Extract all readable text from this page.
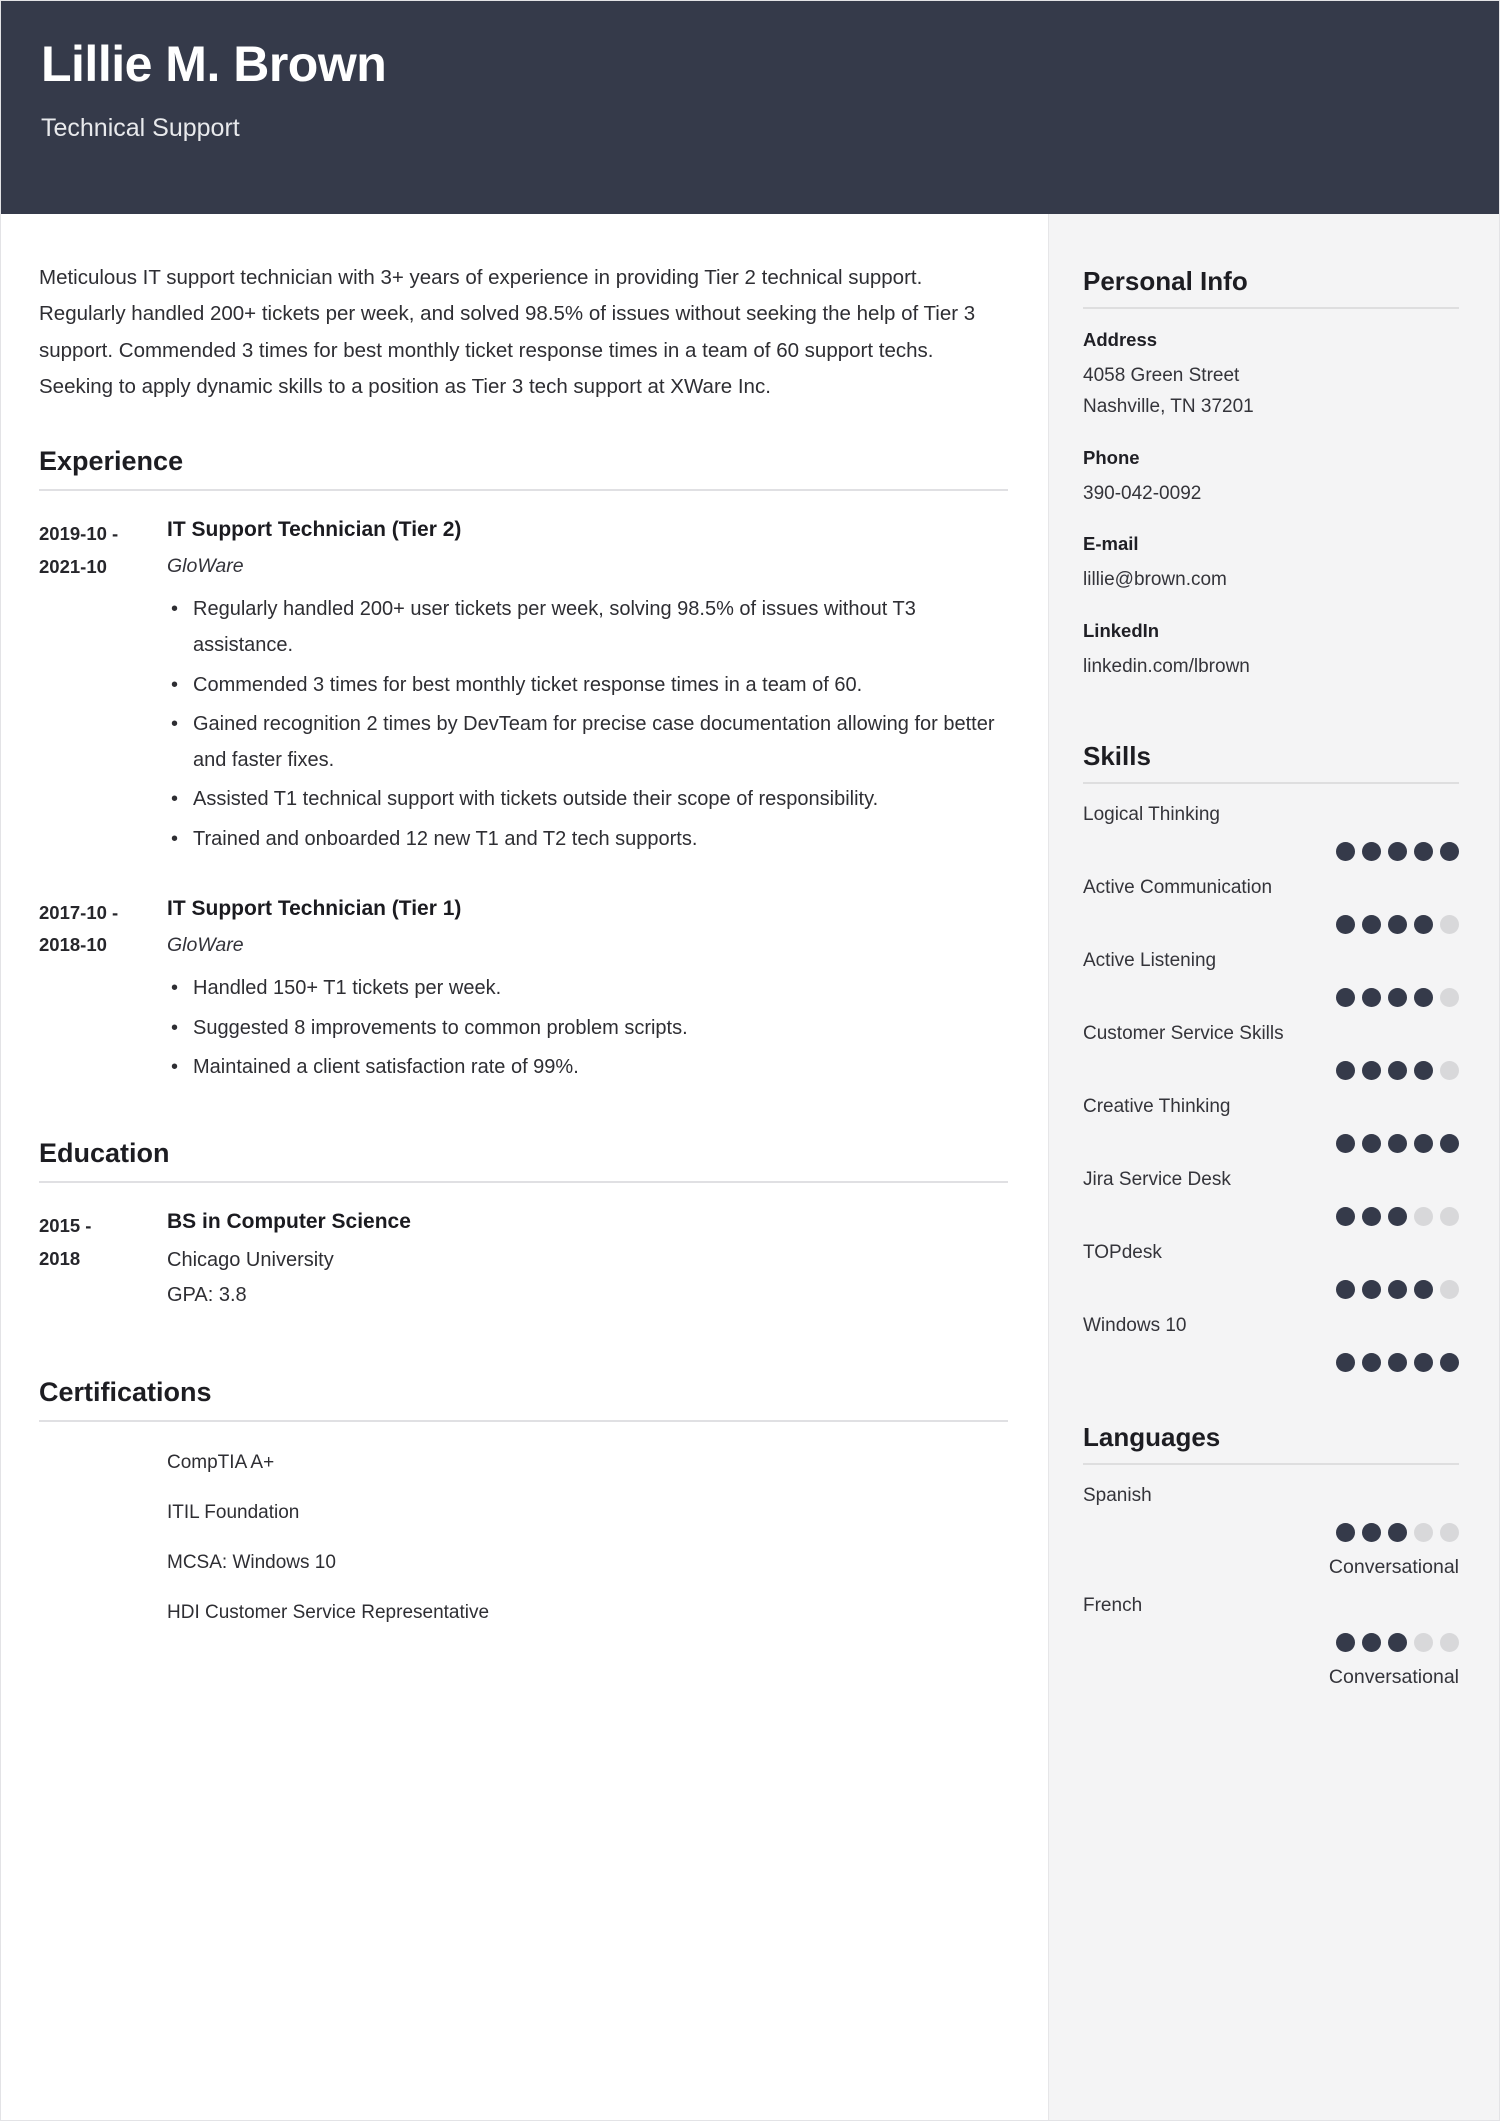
Lillie M. Brown
Technical Support
Meticulous IT support technician with 3+ years of experience in providing Tier 2 technical support. Regularly handled 200+ tickets per week, and solved 98.5% of issues without seeking the help of Tier 3 support. Commended 3 times for best monthly ticket response times in a team of 60 support techs. Seeking to apply dynamic skills to a position as Tier 3 tech support at XWare Inc.
Experience
2019-10 -
2021-10
IT Support Technician (Tier 2)
GloWare
• Regularly handled 200+ user tickets per week, solving 98.5% of issues without T3 assistance.
• Commended 3 times for best monthly ticket response times in a team of 60.
• Gained recognition 2 times by DevTeam for precise case documentation allowing for better and faster fixes.
• Assisted T1 technical support with tickets outside their scope of responsibility.
• Trained and onboarded 12 new T1 and T2 tech supports.
2017-10 -
2018-10
IT Support Technician (Tier 1)
GloWare
• Handled 150+ T1 tickets per week.
• Suggested 8 improvements to common problem scripts.
• Maintained a client satisfaction rate of 99%.
Education
2015 -
2018
BS in Computer Science
Chicago University
GPA: 3.8
Certifications
CompTIA A+
ITIL Foundation
MCSA: Windows 10
HDI Customer Service Representative
Personal Info
Address
4058 Green Street
Nashville, TN 37201
Phone
390-042-0092
E-mail
lillie@brown.com
LinkedIn
linkedin.com/lbrown
Skills
Logical Thinking
Active Communication
Active Listening
Customer Service Skills
Creative Thinking
Jira Service Desk
TOPdesk
Windows 10
Languages
Spanish
Conversational
French
Conversational
